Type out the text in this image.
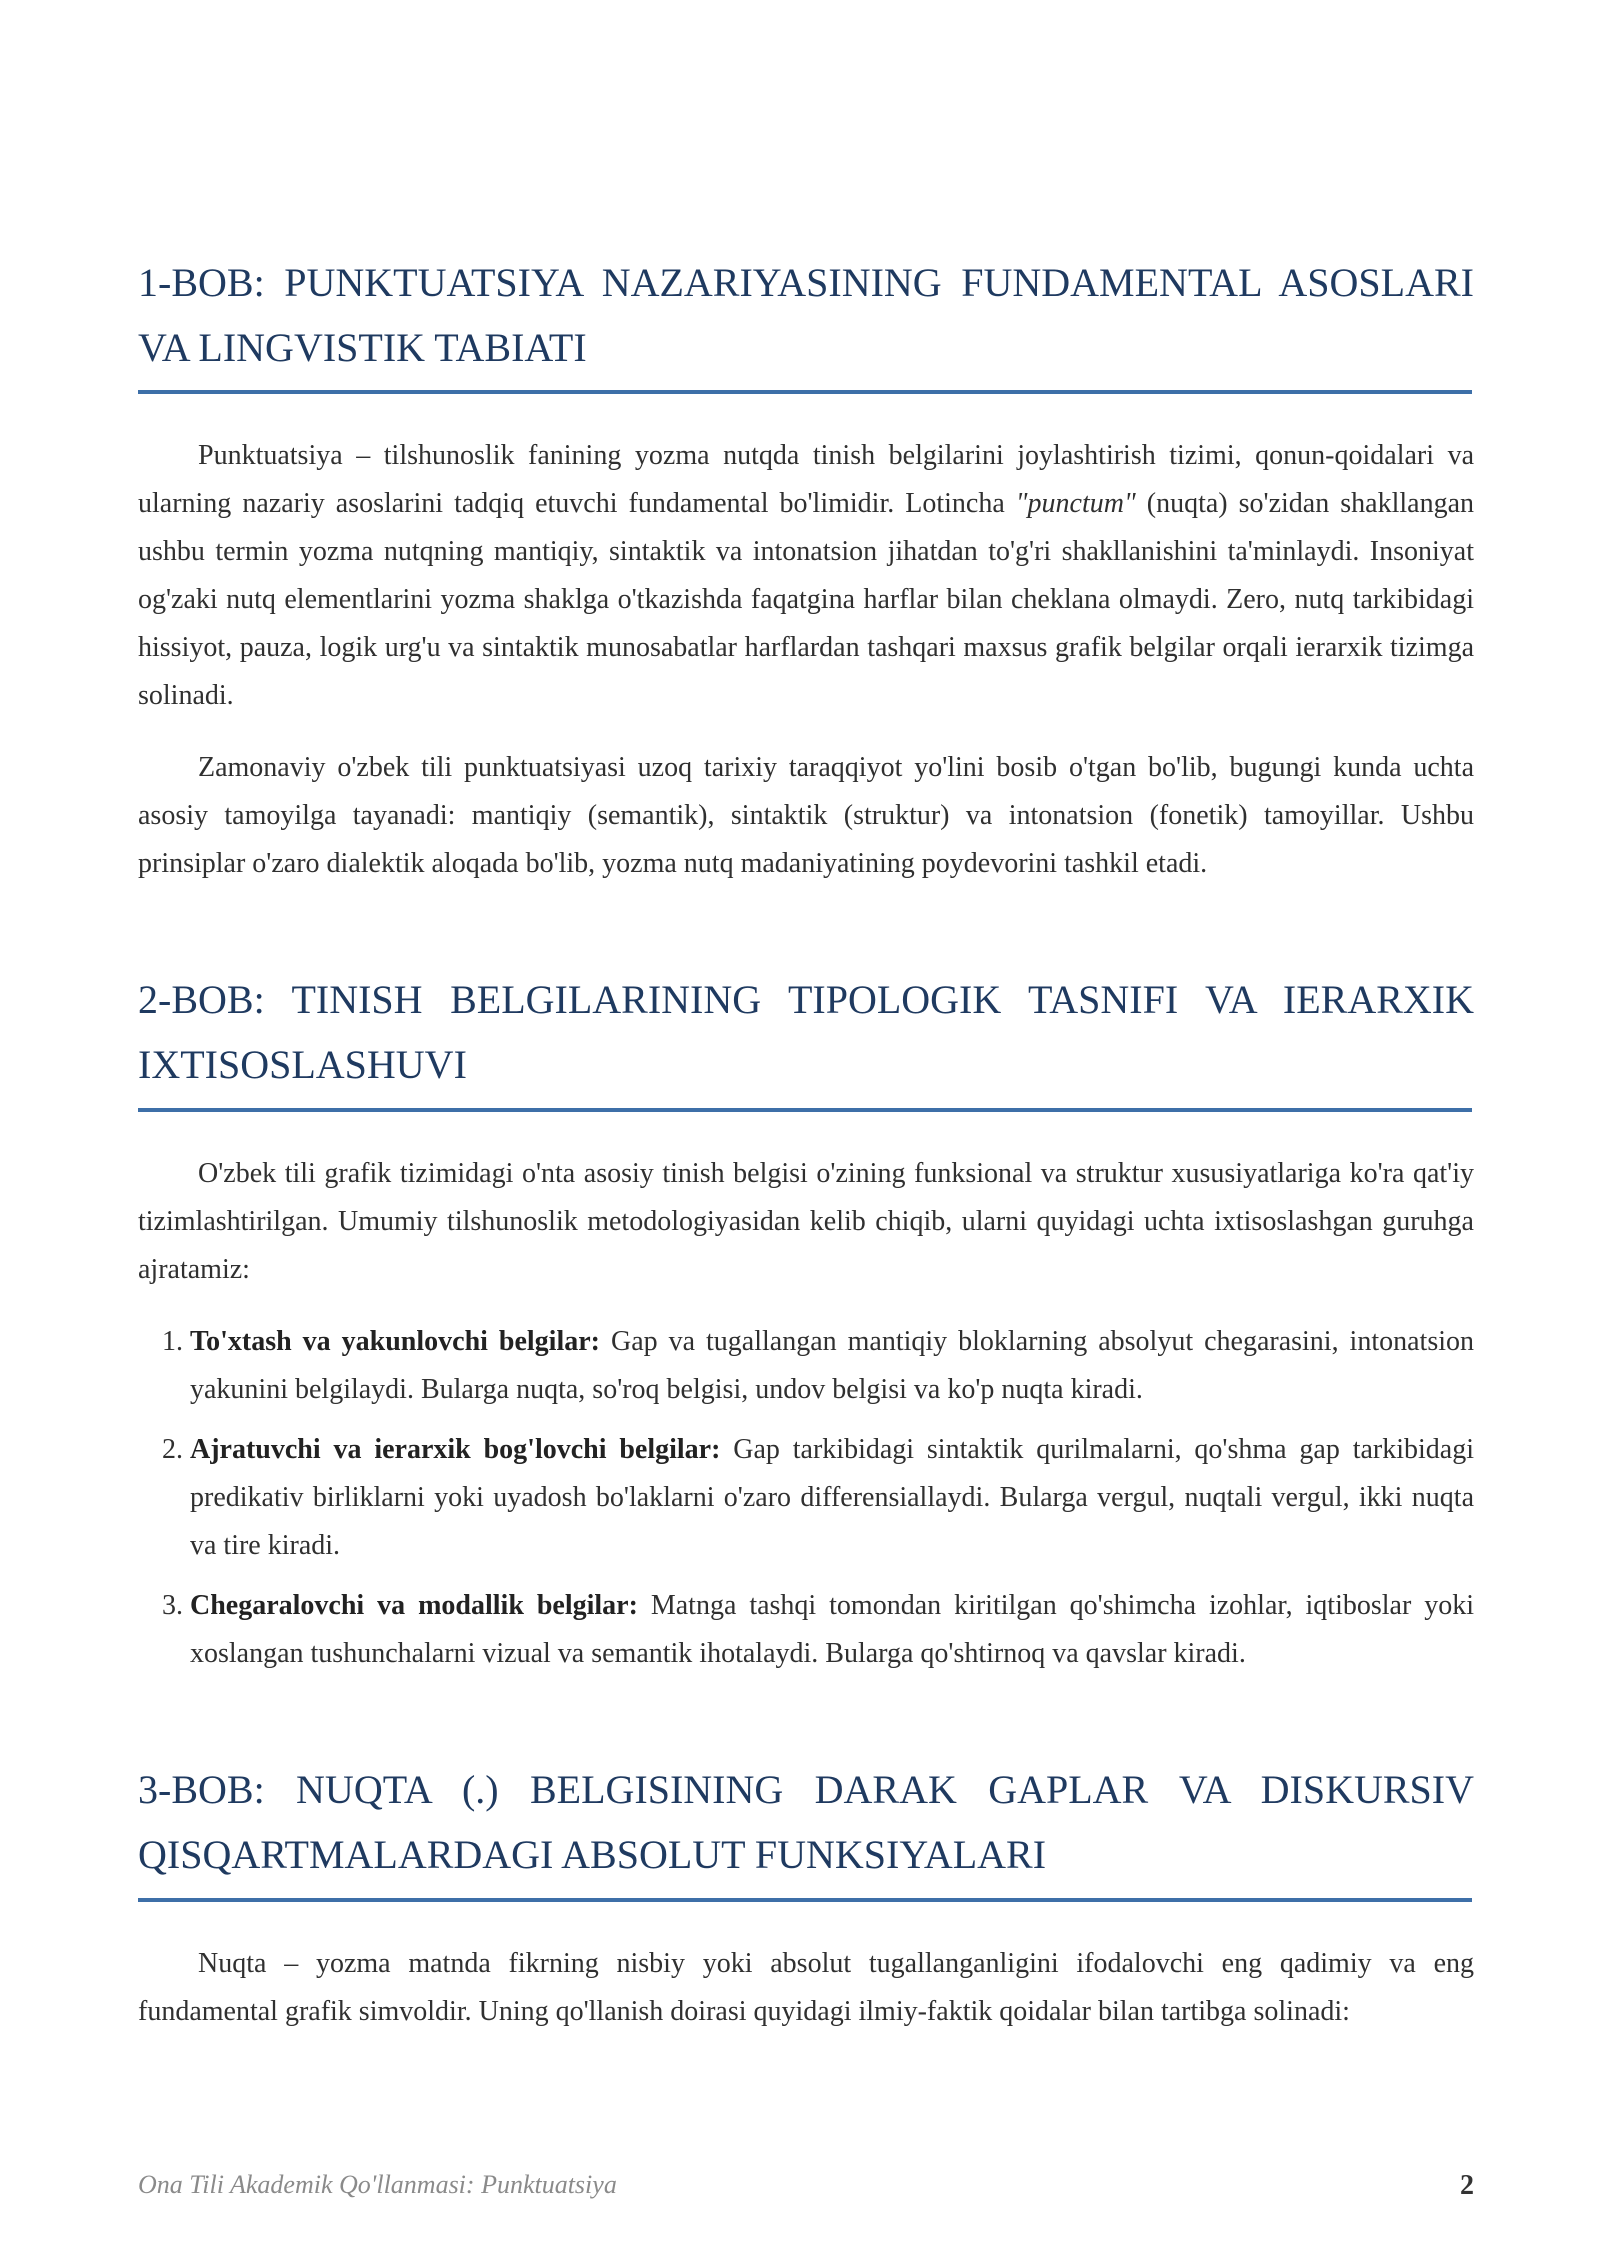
1-BOB: PUNKTUATSIYA NAZARIYASINING FUNDAMENTAL ASOSLARI VA LINGVISTIK TABIATI

Punktuatsiya – tilshunoslik fanining yozma nutqda tinish belgilarini joylashtirish tizimi, qonun-qoidalari va ularning nazariy asoslarini tadqiq etuvchi fundamental bo'limidir. Lotincha "punctum" (nuqta) so'zidan shakllangan ushbu termin yozma nutqning mantiqiy, sintaktik va intonatsion jihatdan to'g'ri shakllanishini ta'minlaydi. Insoniyat og'zaki nutq elementlarini yozma shaklga o'tkazishda faqatgina harflar bilan cheklana olmaydi. Zero, nutq tarkibidagi hissiyot, pauza, logik urg'u va sintaktik munosabatlar harflardan tashqari maxsus grafik belgilar orqali ierarxik tizimga solinadi.

Zamonaviy o'zbek tili punktuatsiyasi uzoq tarixiy taraqqiyot yo'lini bosib o'tgan bo'lib, bugungi kunda uchta asosiy tamoyilga tayanadi: mantiqiy (semantik), sintaktik (struktur) va intonatsion (fonetik) tamoyillar. Ushbu prinsiplar o'zaro dialektik aloqada bo'lib, yozma nutq madaniyatining poydevorini tashkil etadi.

2-BOB: TINISH BELGILARINING TIPOLOGIK TASNIFI VA IERARXIK IXTISOSLASHUVI

O'zbek tili grafik tizimidagi o'nta asosiy tinish belgisi o'zining funksional va struktur xususiyatlariga ko'ra qat'iy tizimlashtirilgan. Umumiy tilshunoslik metodologiyasidan kelib chiqib, ularni quyidagi uchta ixtisoslashgan guruhga ajratamiz:

1. To'xtash va yakunlovchi belgilar: Gap va tugallangan mantiqiy bloklarning absolyut chegarasini, intonatsion yakunini belgilaydi. Bularga nuqta, so'roq belgisi, undov belgisi va ko'p nuqta kiradi.
2. Ajratuvchi va ierarxik bog'lovchi belgilar: Gap tarkibidagi sintaktik qurilmalarni, qo'shma gap tarkibidagi predikativ birliklarni yoki uyadosh bo'laklarni o'zaro differensiallaydi. Bularga vergul, nuqtali vergul, ikki nuqta va tire kiradi.
3. Chegaralovchi va modallik belgilar: Matnga tashqi tomondan kiritilgan qo'shimcha izohlar, iqtiboslar yoki xoslangan tushunchalarni vizual va semantik ihotalaydi. Bularga qo'shtirnoq va qavslar kiradi.
3-BOB: NUQTA (.) BELGISINING DARAK GAPLAR VA DISKURSIV QISQARTMALARDAGI ABSOLUT FUNKSIYALARI

Nuqta – yozma matnda fikrning nisbiy yoki absolut tugallanganligini ifodalovchi eng qadimiy va eng fundamental grafik simvoldir. Uning qo'llanish doirasi quyidagi ilmiy-faktik qoidalar bilan tartibga solinadi:

Ona Tili Akademik Qo'llanmasi: Punktuatsiya	2
